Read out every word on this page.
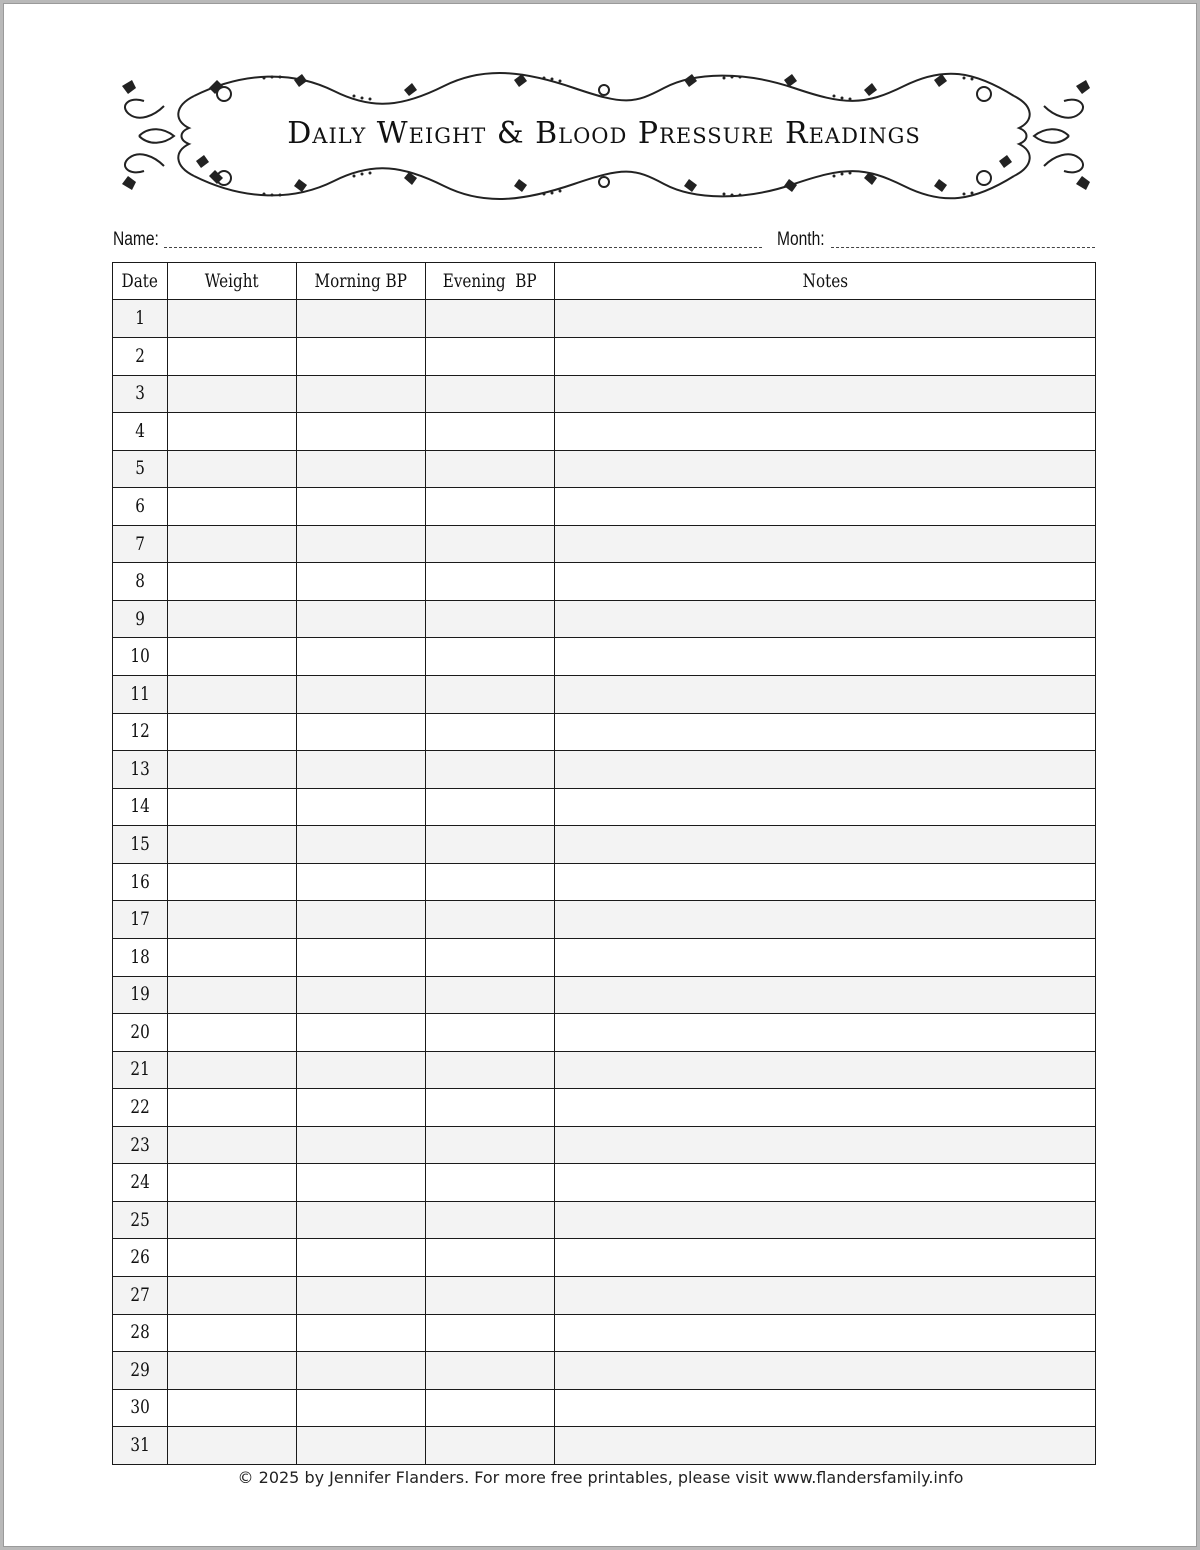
Daily Weight & Blood Pressure Readings
Name:	Month:
Date	Weight	Morning BP	Evening  BP	Notes
1				
2				
3				
4				
5				
6				
7				
8				
9				
10				
11				
12				
13				
14				
15				
16				
17				
18				
19				
20				
21				
22				
23				
24				
25				
26				
27				
28				
29				
30				
31				
© 2025 by Jennifer Flanders. For more free printables, please visit www.flandersfamily.info
